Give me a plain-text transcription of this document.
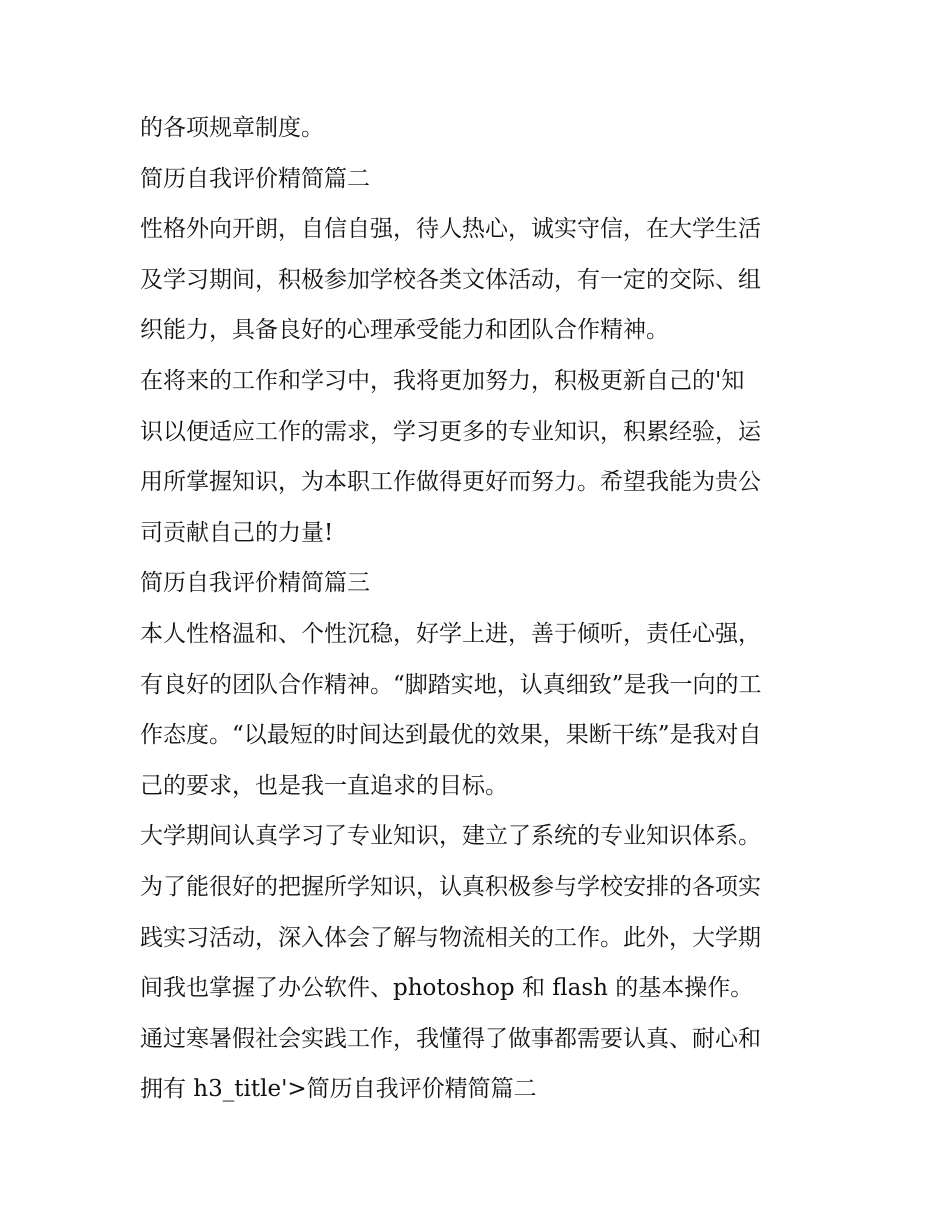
的各项规章制度。
简历自我评价精简篇二
性格外向开朗，自信自强，待人热心，诚实守信，在大学生活
及学习期间，积极参加学校各类文体活动，有一定的交际、组
织能力，具备良好的心理承受能力和团队合作精神。
在将来的工作和学习中，我将更加努力，积极更新自己的'知
识以便适应工作的需求，学习更多的专业知识，积累经验，运
用所掌握知识，为本职工作做得更好而努力。希望我能为贵公
司贡献自己的力量!
简历自我评价精简篇三
本人性格温和、个性沉稳，好学上进，善于倾听，责任心强，
有良好的团队合作精神。“脚踏实地，认真细致”是我一向的工
作态度。“以最短的时间达到最优的效果，果断干练”是我对自
己的要求，也是我一直追求的目标。
大学期间认真学习了专业知识，建立了系统的专业知识体系。
为了能很好的把握所学知识，认真积极参与学校安排的各项实
践实习活动，深入体会了解与物流相关的工作。此外，大学期
间我也掌握了办公软件、photoshop 和 flash 的基本操作。
通过寒暑假社会实践工作，我懂得了做事都需要认真、耐心和
拥有 h3_title'>简历自我评价精简篇二
